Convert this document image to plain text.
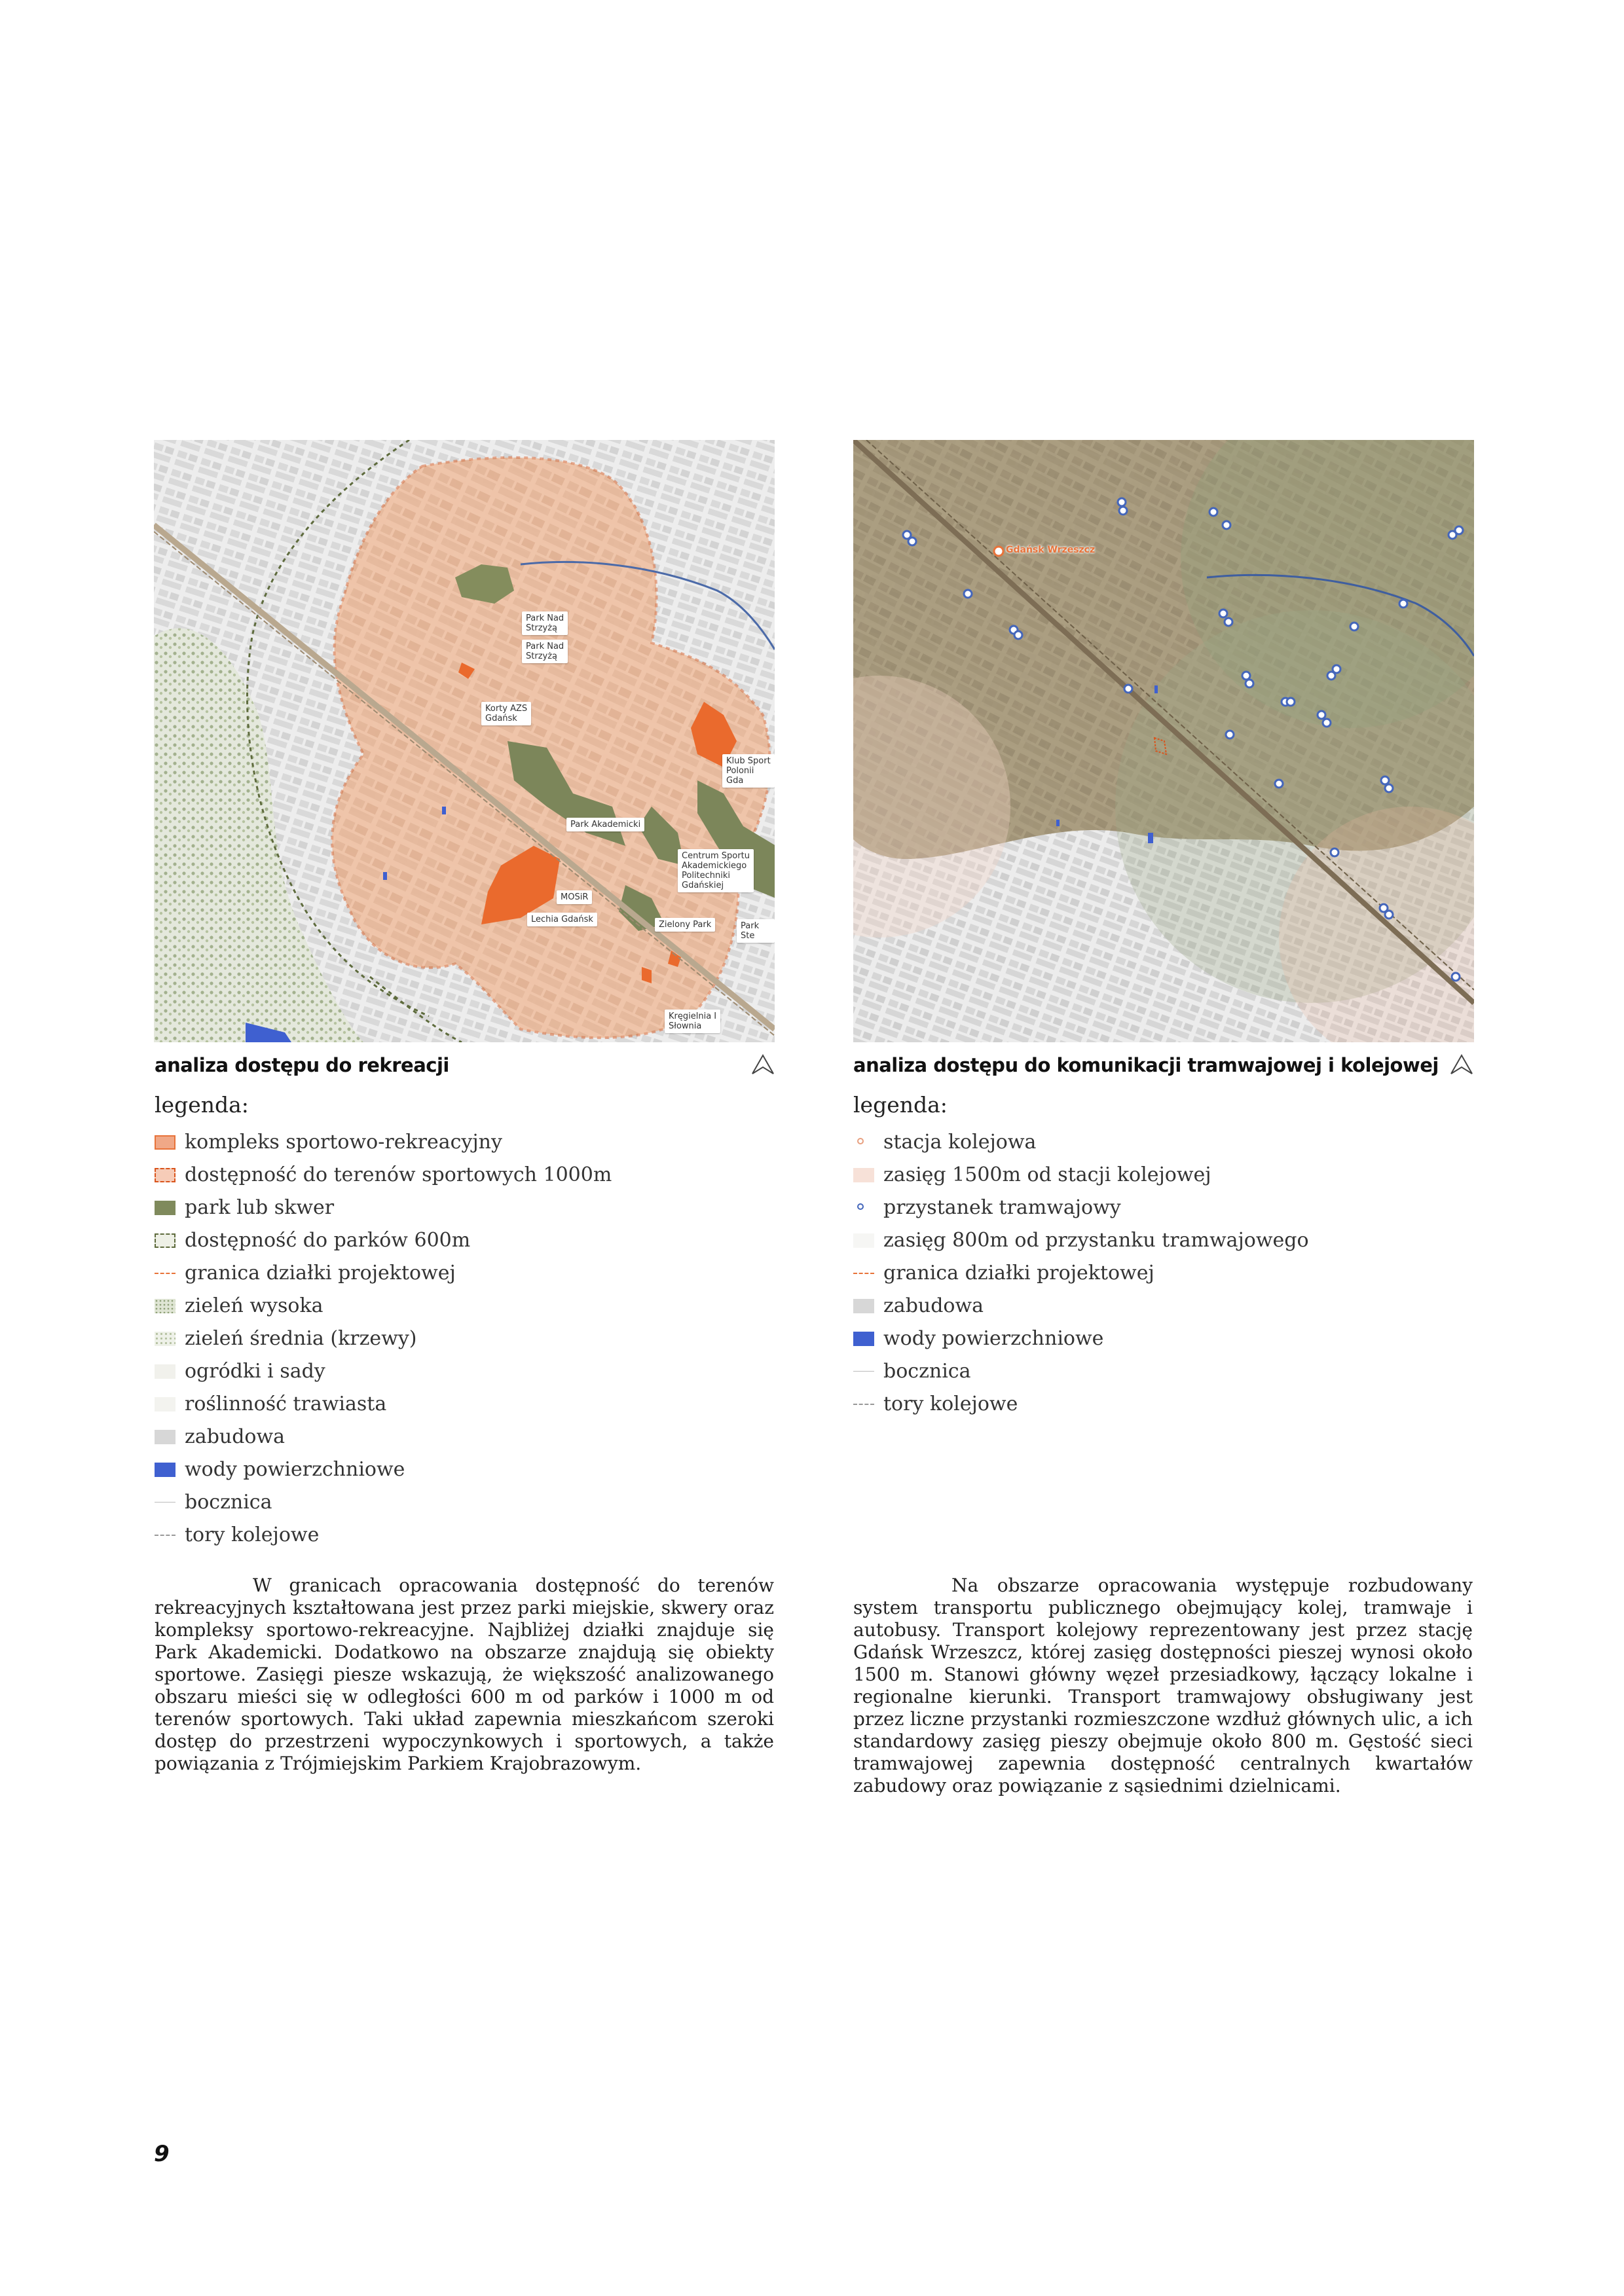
Park Nad
Strzyżą
Park Nad
Strzyżą
Korty AZS
Gdańsk
Klub Sport
Polonii Gda
Park Akademicki
Centrum Sportu
Akademickiego
Politechniki
Gdańskiej
MOSiR
Lechia Gdańsk
Zielony Park	Park Ste
Kręgielnia I
Słownia
Gdańsk Wrzeszcz
analiza dostępu do rekreacji
legenda:
kompleks sportowo-rekreacyjny
dostępność do terenów sportowych 1000m
park lub skwer
dostępność do parków 600m
granica działki projektowej
zieleń wysoka
zieleń średnia (krzewy)
ogródki i sady
roślinność trawiasta
zabudowa
wody powierzchniowe
bocznica
tory kolejowe
analiza dostępu do komunikacji tramwajowej i kolejowej
legenda:
stacja kolejowa
zasięg 1500m od stacji kolejowej
przystanek tramwajowy
zasięg 800m od przystanku tramwajowego
granica działki projektowej
zabudowa
wody powierzchniowe
bocznica
tory kolejowe

W granicach opracowania dostępność do terenów rekreacyjnych kształtowana jest przez parki miejskie, skwery oraz kompleksy sportowo-rekreacyjne. Najbliżej działki znajduje się Park Akademicki. Dodatkowo na obszarze znajdują się obiekty sportowe. Zasięgi piesze wskazują, że większość analizowanego obszaru mieści się w odległości 600 m od parków i 1000 m od terenów sportowych. Taki układ zapewnia mieszkańcom szeroki dostęp do przestrzeni wypoczynkowych i sportowych, a także powiązania z Trójmiejskim Parkiem Krajobrazowym.

Na obszarze opracowania występuje rozbudowany system transportu publicznego obejmujący kolej, tramwaje i autobusy. Transport kolejowy reprezentowany jest przez stację Gdańsk Wrzeszcz, której zasięg dostępności pieszej wynosi około 1500 m. Stanowi główny węzeł przesiadkowy, łączący lokalne i regionalne kierunki. Transport tramwajowy obsługiwany jest przez liczne przystanki rozmieszczone wzdłuż głównych ulic, a ich standardowy zasięg pieszy obejmuje około 800 m. Gęstość sieci tramwajowej zapewnia dostępność centralnych kwartałów zabudowy oraz powiązanie z sąsiednimi dzielnicami.

9
